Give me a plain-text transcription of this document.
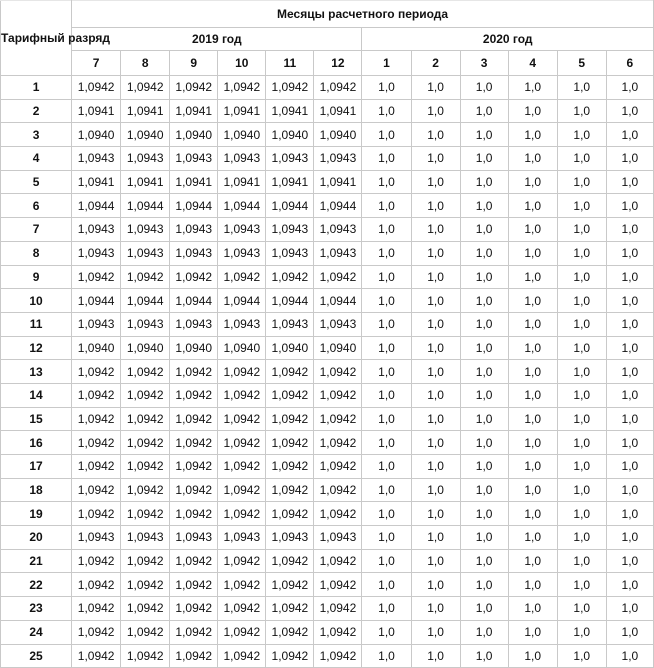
Тарифный разряд	Месяцы расчетного периода											
	2019 год						2020 год					
	7	8	9	10	11	12	1	2	3	4	5	6
1	1,0942	1,0942	1,0942	1,0942	1,0942	1,0942	1,0	1,0	1,0	1,0	1,0	1,0
2	1,0941	1,0941	1,0941	1,0941	1,0941	1,0941	1,0	1,0	1,0	1,0	1,0	1,0
3	1,0940	1,0940	1,0940	1,0940	1,0940	1,0940	1,0	1,0	1,0	1,0	1,0	1,0
4	1,0943	1,0943	1,0943	1,0943	1,0943	1,0943	1,0	1,0	1,0	1,0	1,0	1,0
5	1,0941	1,0941	1,0941	1,0941	1,0941	1,0941	1,0	1,0	1,0	1,0	1,0	1,0
6	1,0944	1,0944	1,0944	1,0944	1,0944	1,0944	1,0	1,0	1,0	1,0	1,0	1,0
7	1,0943	1,0943	1,0943	1,0943	1,0943	1,0943	1,0	1,0	1,0	1,0	1,0	1,0
8	1,0943	1,0943	1,0943	1,0943	1,0943	1,0943	1,0	1,0	1,0	1,0	1,0	1,0
9	1,0942	1,0942	1,0942	1,0942	1,0942	1,0942	1,0	1,0	1,0	1,0	1,0	1,0
10	1,0944	1,0944	1,0944	1,0944	1,0944	1,0944	1,0	1,0	1,0	1,0	1,0	1,0
11	1,0943	1,0943	1,0943	1,0943	1,0943	1,0943	1,0	1,0	1,0	1,0	1,0	1,0
12	1,0940	1,0940	1,0940	1,0940	1,0940	1,0940	1,0	1,0	1,0	1,0	1,0	1,0
13	1,0942	1,0942	1,0942	1,0942	1,0942	1,0942	1,0	1,0	1,0	1,0	1,0	1,0
14	1,0942	1,0942	1,0942	1,0942	1,0942	1,0942	1,0	1,0	1,0	1,0	1,0	1,0
15	1,0942	1,0942	1,0942	1,0942	1,0942	1,0942	1,0	1,0	1,0	1,0	1,0	1,0
16	1,0942	1,0942	1,0942	1,0942	1,0942	1,0942	1,0	1,0	1,0	1,0	1,0	1,0
17	1,0942	1,0942	1,0942	1,0942	1,0942	1,0942	1,0	1,0	1,0	1,0	1,0	1,0
18	1,0942	1,0942	1,0942	1,0942	1,0942	1,0942	1,0	1,0	1,0	1,0	1,0	1,0
19	1,0942	1,0942	1,0942	1,0942	1,0942	1,0942	1,0	1,0	1,0	1,0	1,0	1,0
20	1,0943	1,0943	1,0943	1,0943	1,0943	1,0943	1,0	1,0	1,0	1,0	1,0	1,0
21	1,0942	1,0942	1,0942	1,0942	1,0942	1,0942	1,0	1,0	1,0	1,0	1,0	1,0
22	1,0942	1,0942	1,0942	1,0942	1,0942	1,0942	1,0	1,0	1,0	1,0	1,0	1,0
23	1,0942	1,0942	1,0942	1,0942	1,0942	1,0942	1,0	1,0	1,0	1,0	1,0	1,0
24	1,0942	1,0942	1,0942	1,0942	1,0942	1,0942	1,0	1,0	1,0	1,0	1,0	1,0
25	1,0942	1,0942	1,0942	1,0942	1,0942	1,0942	1,0	1,0	1,0	1,0	1,0	1,0
